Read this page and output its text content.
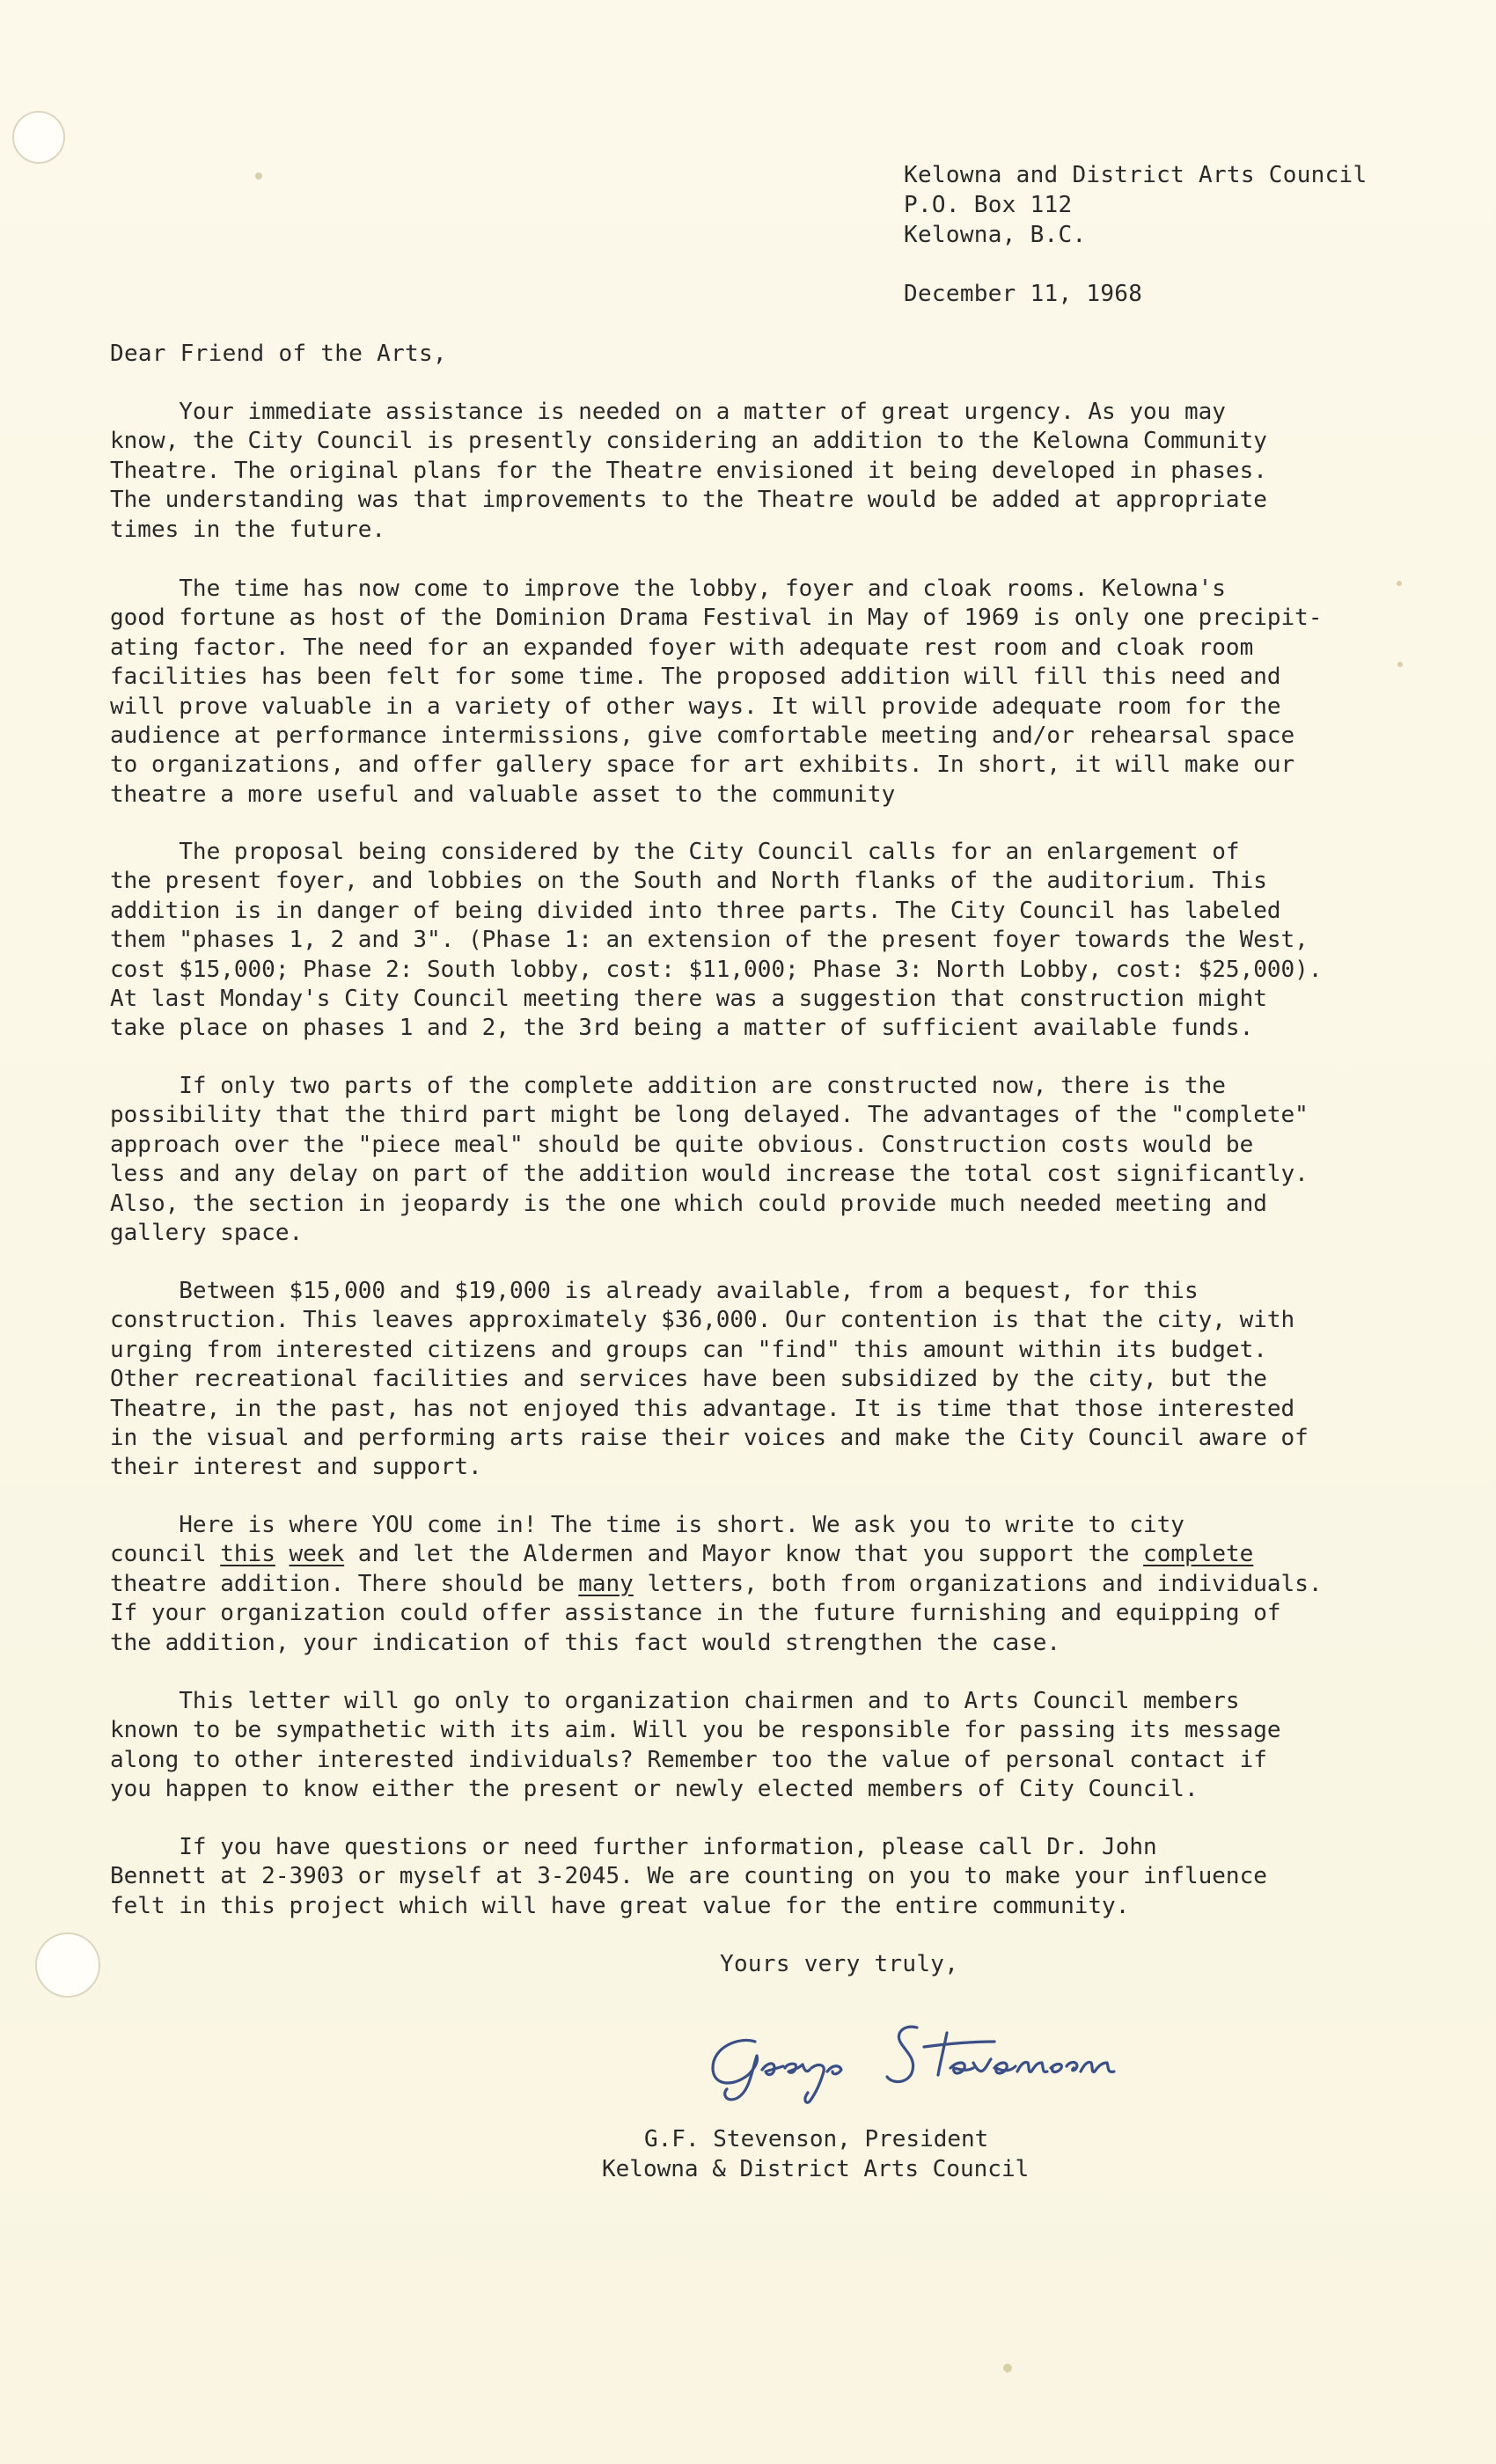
Kelowna and District Arts Council
P.O. Box 112
Kelowna, B.C.
December 11, 1968
Dear Friend of the Arts,
Your immediate assistance is needed on a matter of great urgency. As you may
know, the City Council is presently considering an addition to the Kelowna Community
Theatre. The original plans for the Theatre envisioned it being developed in phases.
The understanding was that improvements to the Theatre would be added at appropriate
times in the future.
The time has now come to improve the lobby, foyer and cloak rooms. Kelowna's
good fortune as host of the Dominion Drama Festival in May of 1969 is only one precipit-
ating factor. The need for an expanded foyer with adequate rest room and cloak room
facilities has been felt for some time. The proposed addition will fill this need and
will prove valuable in a variety of other ways. It will provide adequate room for the
audience at performance intermissions, give comfortable meeting and/or rehearsal space
to organizations, and offer gallery space for art exhibits. In short, it will make our
theatre a more useful and valuable asset to the community
The proposal being considered by the City Council calls for an enlargement of
the present foyer, and lobbies on the South and North flanks of the auditorium. This
addition is in danger of being divided into three parts. The City Council has labeled
them "phases 1, 2 and 3". (Phase 1: an extension of the present foyer towards the West,
cost $15,000; Phase 2: South lobby, cost: $11,000; Phase 3: North Lobby, cost: $25,000).
At last Monday's City Council meeting there was a suggestion that construction might
take place on phases 1 and 2, the 3rd being a matter of sufficient available funds.
If only two parts of the complete addition are constructed now, there is the
possibility that the third part might be long delayed. The advantages of the "complete"
approach over the "piece meal" should be quite obvious. Construction costs would be
less and any delay on part of the addition would increase the total cost significantly.
Also, the section in jeopardy is the one which could provide much needed meeting and
gallery space.
Between $15,000 and $19,000 is already available, from a bequest, for this
construction. This leaves approximately $36,000. Our contention is that the city, with
urging from interested citizens and groups can "find" this amount within its budget.
Other recreational facilities and services have been subsidized by the city, but the
Theatre, in the past, has not enjoyed this advantage. It is time that those interested
in the visual and performing arts raise their voices and make the City Council aware of
their interest and support.
Here is where YOU come in! The time is short. We ask you to write to city
council this week and let the Aldermen and Mayor know that you support the complete
theatre addition. There should be many letters, both from organizations and individuals.
If your organization could offer assistance in the future furnishing and equipping of
the addition, your indication of this fact would strengthen the case.
This letter will go only to organization chairmen and to Arts Council members
known to be sympathetic with its aim. Will you be responsible for passing its message
along to other interested individuals? Remember too the value of personal contact if
you happen to know either the present or newly elected members of City Council.
If you have questions or need further information, please call Dr. John
Bennett at 2-3903 or myself at 3-2045. We are counting on you to make your influence
felt in this project which will have great value for the entire community.
Yours very truly,
G.F. Stevenson, President
Kelowna & District Arts Council
